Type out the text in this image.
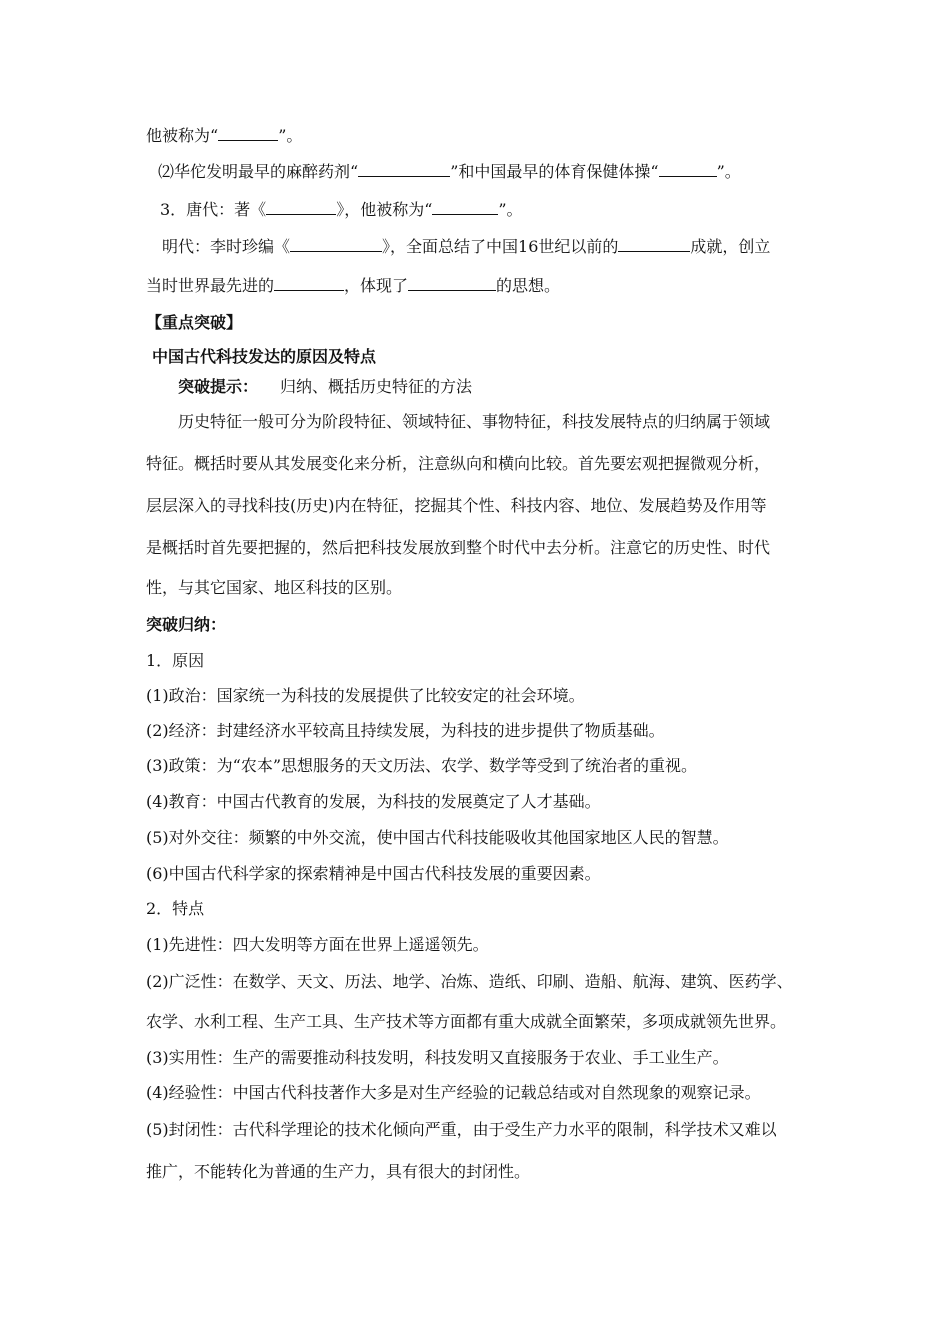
他被称为“	”。
⑵华佗发明最早的麻醉药剂“	”和中国最早的体育保健体操“	”。
3．唐代：著《	》，他被称为“	”。
明代：李时珍编《	》，全面总结了中国16世纪以前的	成就，创立
当时世界最先进的	，体现了	的思想。
【重点突破】
中国古代科技发达的原因及特点
突破提示： 归纳、概括历史特征的方法
历史特征一般可分为阶段特征、领域特征、事物特征，科技发展特点的归纳属于领域
特征。概括时要从其发展变化来分析，注意纵向和横向比较。首先要宏观把握微观分析，
层层深入的寻找科技(历史)内在特征，挖掘其个性、科技内容、地位、发展趋势及作用等
是概括时首先要把握的，然后把科技发展放到整个时代中去分析。注意它的历史性、时代
性，与其它国家、地区科技的区别。
突破归纳：
1．原因
(1)政治：国家统一为科技的发展提供了比较安定的社会环境。
(2)经济：封建经济水平较高且持续发展，为科技的进步提供了物质基础。
(3)政策：为“农本”思想服务的天文历法、农学、数学等受到了统治者的重视。
(4)教育：中国古代教育的发展，为科技的发展奠定了人才基础。
(5)对外交往：频繁的中外交流，使中国古代科技能吸收其他国家地区人民的智慧。
(6)中国古代科学家的探索精神是中国古代科技发展的重要因素。
2．特点
(1)先进性：四大发明等方面在世界上遥遥领先。
(2)广泛性：在数学、天文、历法、地学、冶炼、造纸、印刷、造船、航海、建筑、医药学、
农学、水利工程、生产工具、生产技术等方面都有重大成就全面繁荣，多项成就领先世界。
(3)实用性：生产的需要推动科技发明，科技发明又直接服务于农业、手工业生产。
(4)经验性：中国古代科技著作大多是对生产经验的记载总结或对自然现象的观察记录。
(5)封闭性：古代科学理论的技术化倾向严重，由于受生产力水平的限制，科学技术又难以
推广，不能转化为普通的生产力，具有很大的封闭性。
